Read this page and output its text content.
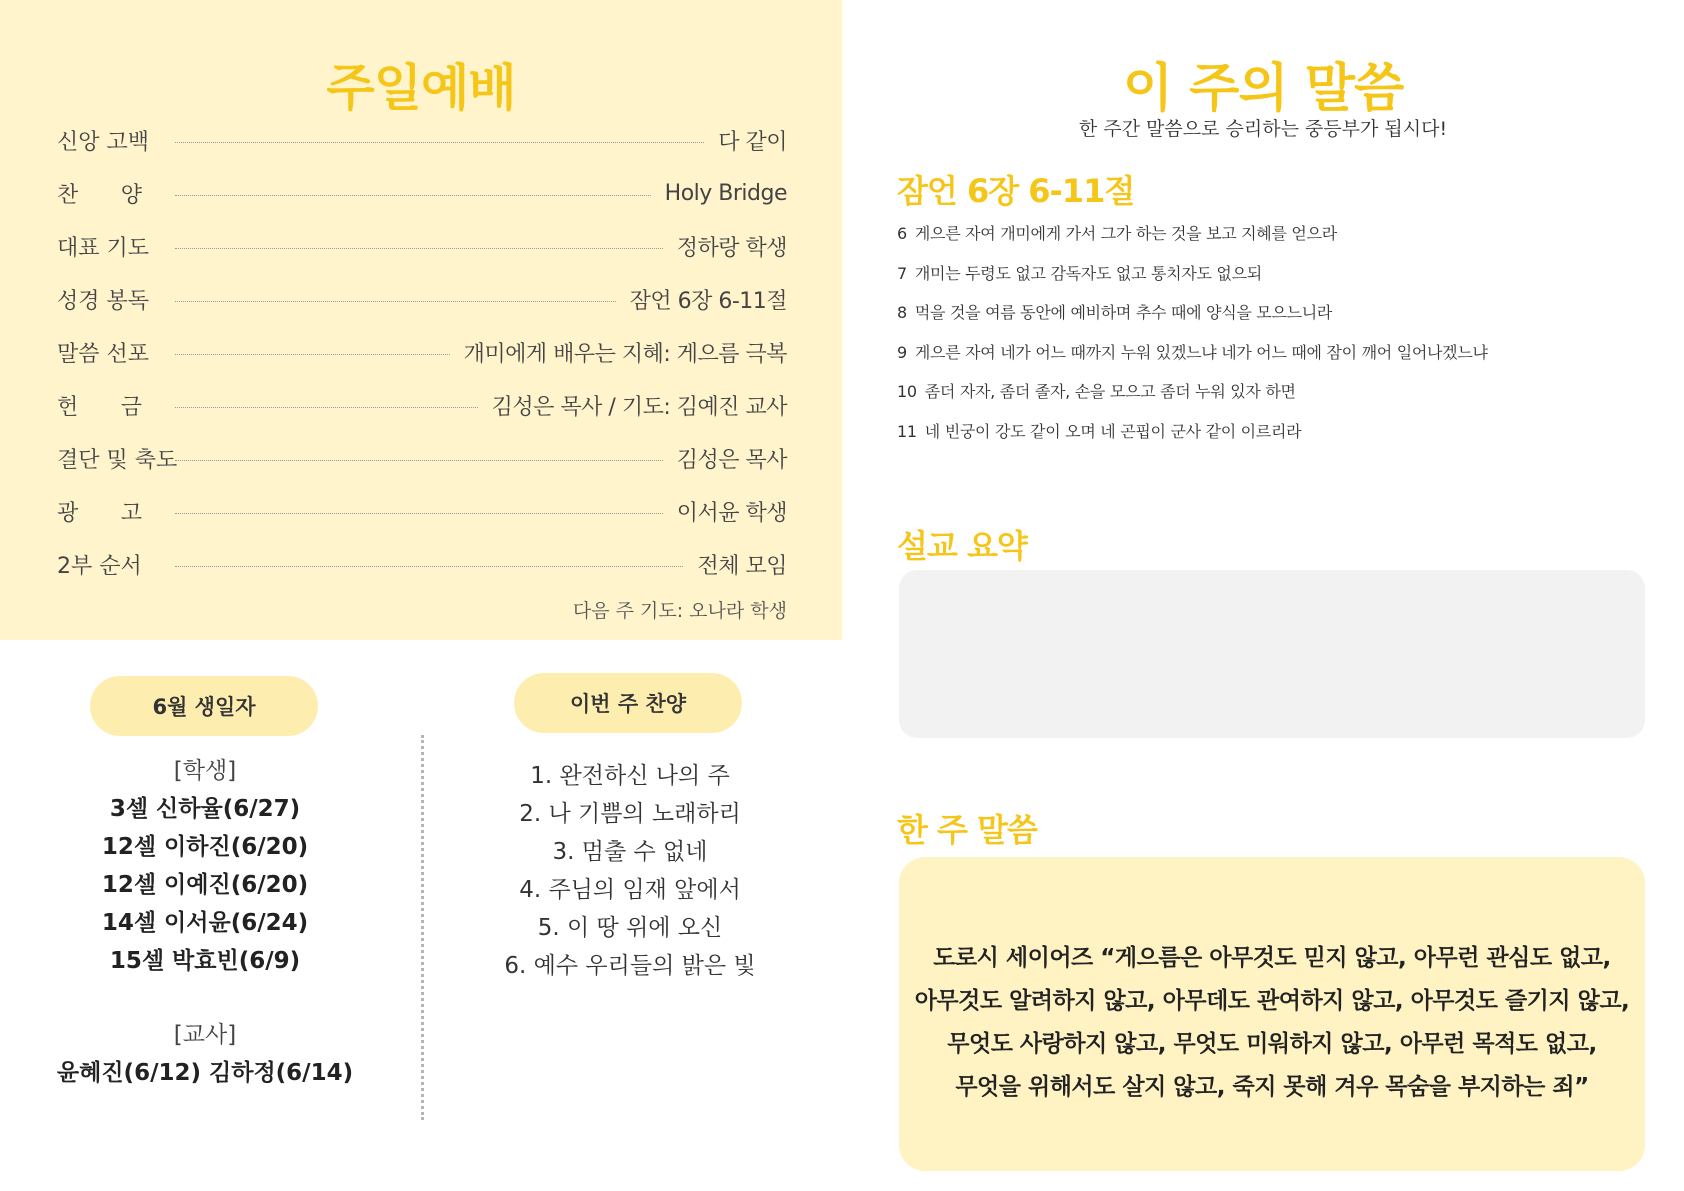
주일예배
신앙 고백	다 같이
찬 양	Holy Bridge
대표 기도	정하랑 학생
성경 봉독	잠언 6장 6-11절
말씀 선포	개미에게 배우는 지혜: 게으름 극복
헌 금	김성은 목사 / 기도: 김예진 교사
결단 및 축도	김성은 목사
광 고	이서윤 학생
2부 순서	전체 모임
다음 주 기도: 오나라 학생
6월 생일자	이번 주 찬양
[학생]
3셀 신하율(6/27)
12셀 이하진(6/20)
12셀 이예진(6/20)
14셀 이서윤(6/24)
15셀 박효빈(6/9)
[교사]
윤혜진(6/12) 김하정(6/14)
1. 완전하신 나의 주
2. 나 기쁨의 노래하리
3. 멈출 수 없네
4. 주님의 임재 앞에서
5. 이 땅 위에 오신
6. 예수 우리들의 밝은 빛
이 주의 말씀
한 주간 말씀으로 승리하는 중등부가 됩시다!
잠언 6장 6-11절
6 게으른 자여 개미에게 가서 그가 하는 것을 보고 지혜를 얻으라
7 개미는 두령도 없고 감독자도 없고 통치자도 없으되
8 먹을 것을 여름 동안에 예비하며 추수 때에 양식을 모으느니라
9 게으른 자여 네가 어느 때까지 누워 있겠느냐 네가 어느 때에 잠이 깨어 일어나겠느냐
10 좀더 자자, 좀더 졸자, 손을 모으고 좀더 누워 있자 하면
11 네 빈궁이 강도 같이 오며 네 곤핍이 군사 같이 이르리라
설교 요약
한 주 말씀
도로시 세이어즈 “게으름은 아무것도 믿지 않고, 아무런 관심도 없고,
아무것도 알려하지 않고, 아무데도 관여하지 않고, 아무것도 즐기지 않고,
무엇도 사랑하지 않고, 무엇도 미워하지 않고, 아무런 목적도 없고,
무엇을 위해서도 살지 않고, 죽지 못해 겨우 목숨을 부지하는 죄”
